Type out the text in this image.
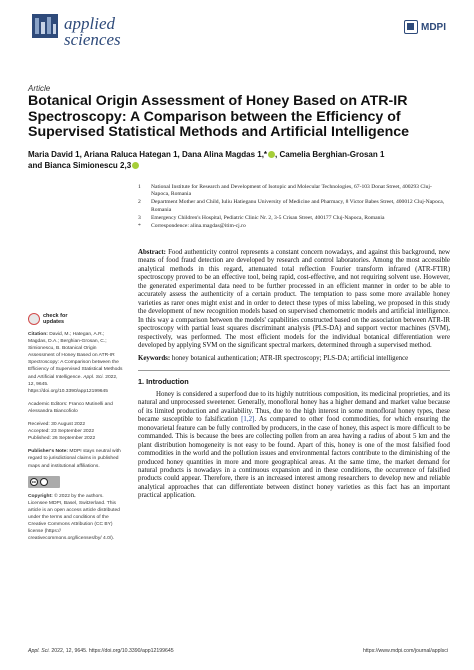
applied
sciences
MDPI
Article
Botanical Origin Assessment of Honey Based on ATR-IR Spectroscopy: A Comparison between the Efficiency of Supervised Statistical Methods and Artificial Intelligence
Maria David 1, Ariana Raluca Hategan 1, Dana Alina Magdas 1,* , Camelia Berghian-Grosan 1
and Bianca Simionescu 2,3
1	National Institute for Research and Development of Isotopic and Molecular Technologies, 67-103 Donat Street, 400293 Cluj-Napoca, Romania
2	Department Mother and Child, Iuliu Hatieganu University of Medicine and Pharmacy, 8 Victor Babes Street, 400012 Cluj-Napoca, Romania
3	Emergency Children's Hospital, Pediatric Clinic Nr. 2, 3-5 Crisan Street, 400177 Cluj-Napoca, Romania
*	Correspondence: alina.magdas@itim-cj.ro
check for
updates
Citation: David, M.; Hategan, A.R.; Magdas, D.A.; Berghian-Grosan, C.; Simionescu, B. Botanical Origin Assessment of Honey Based on ATR-IR Spectroscopy: A Comparison between the Efficiency of Supervised Statistical Methods and Artificial Intelligence. Appl. Sci. 2022, 12, 9645. https://doi.org/10.3390/app12199645
Academic Editors: Franco Mutinelli and Alessandra Biancofiolo
Received: 30 August 2022
Accepted: 23 September 2022
Published: 26 September 2022
Publisher's Note: MDPI stays neutral with regard to jurisdictional claims in published maps and institutional affiliations.
cc
Copyright: © 2022 by the authors. Licensee MDPI, Basel, Switzerland. This article is an open access article distributed under the terms and conditions of the Creative Commons Attribution (CC BY) license (https:// creativecommons.org/licenses/by/ 4.0/).
Abstract: Food authenticity control represents a constant concern nowadays, and against this background, new means of food fraud detection are developed by research and control laboratories. Among the most accessible analytical methods in this regard, attenuated total reflection Fourier transform infrared (ATR-FTIR) spectroscopy proved to be an effective tool, being rapid, cost-effective, and not requiring solvent use. However, the generated experimental data need to be further processed in an efficient manner in order to be able to accurately assess the authenticity of a certain product. The temptation to pass some more available honey varieties as rarer ones might exist and in order to detect these types of miss labeling, we proposed in this study the development of new recognition models based on supervised chemometric models and artificial intelligence. In this way a comparison between the models' capabilities constructed based on the association between ATR-IR spectroscopy with partial least squares discriminant analysis (PLS-DA) and support vector machines (SVM), respectively, was performed. The most efficient models for the individual botanical differentiation were developed by applying SVM on the significant spectral markers, determined through a supervised method.
Keywords: honey botanical authentication; ATR-IR spectroscopy; PLS-DA; artificial intelligence
1. Introduction
Honey is considered a superfood due to its highly nutritious composition, its medicinal proprieties, and its natural and unprocessed sweetener. Generally, monofloral honey has a higher demand and market value because of its limited production and availability. Thus, due to the high interest in some monofloral honey types, these became susceptible to falsification [1,2]. As compared to other food commodities, for which ensuring the monovarietal feature can be fully controlled by producers, in the case of honey, this aspect is more difficult to be commanded. This is because the bees are collecting pollen from an area having a radius of about 5 km and the plant distribution homogeneity is not easy to be found. Apart of this, honey is one of the most falsified food commodities in the world and the pollution issues and environmental factors contribute to the diminishing of the produced honey quantities in more and more geographical areas. At the same time, the market demand for natural products is nowadays in a continuous expansion and in these conditions, the occurrence of falsified products could appear. Therefore, there is an increased interest among researchers to develop new and reliable analytical approaches that can differentiate between distinct honey varieties as this fact has an important practical application.
Appl. Sci. 2022, 12, 9645. https://doi.org/10.3390/app12199645	https://www.mdpi.com/journal/applsci
